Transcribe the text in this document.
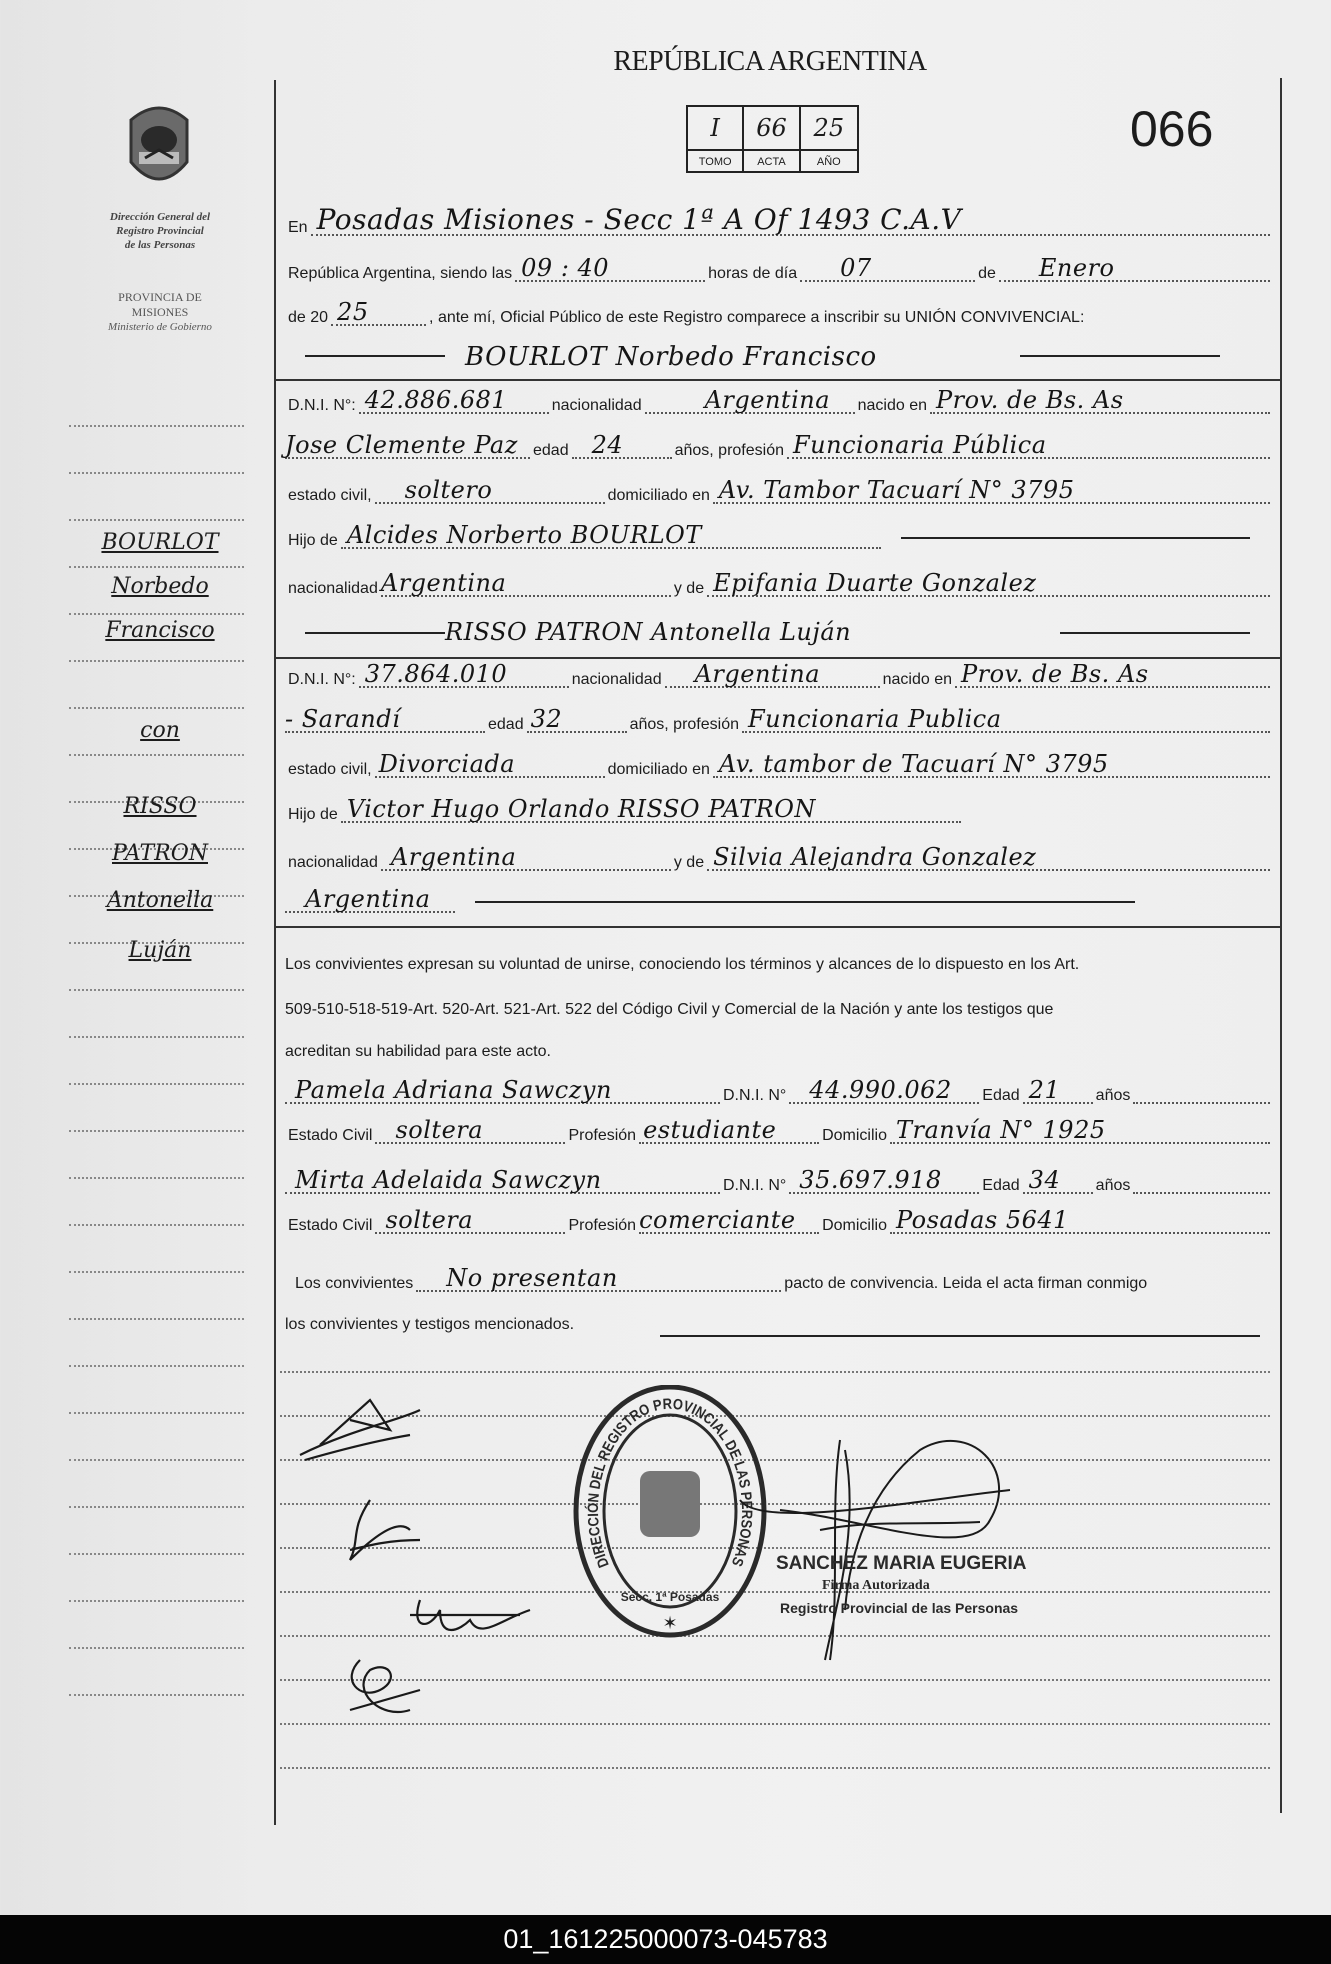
REPÚBLICA ARGENTINA
066
I	66	25
TOMO	ACTA	AÑO
Dirección General del
Registro Provincial
de las Personas
PROVINCIA DE
MISIONES
Ministerio de Gobierno
BOURLOT
Norbedo
Francisco
con
RISSO
PATRON
Antonella
Luján
En Posadas Misiones - Secc 1ª A Of 1493 C.A.V
República Argentina, siendo las 09 : 40	horas de día 07	de Enero
de 20 25	, ante mí, Oficial Público de este Registro comparece a inscribir su UNIÓN CONVIVENCIAL:
BOURLOT Norbedo Francisco
D.N.I. N°: 42.886.681	nacionalidad	Argentina nacido en Prov. de Bs. As
Jose Clemente Paz edad 24	años, profesión Funcionaria Pública
estado civil, soltero	domiciliado en Av. Tambor Tacuarí N° 3795
Hijo de Alcides Norberto BOURLOT
nacionalidad Argentina	y de Epifania Duarte Gonzalez
RISSO PATRON Antonella Luján
D.N.I. N°: 37.864.010	nacionalidad Argentina	nacido en Prov. de Bs. As
- Sarandí	edad 32	años, profesión Funcionaria Publica
estado civil, Divorciada	domiciliado en Av. tambor de Tacuarí N° 3795
Hijo de Victor Hugo Orlando RISSO PATRON
nacionalidad Argentina	y de Silvia Alejandra Gonzalez
Argentina
Los convivientes expresan su voluntad de unirse, conociendo los términos y alcances de lo dispuesto en los Art.
509-510-518-519-Art. 520-Art. 521-Art. 522 del Código Civil y Comercial de la Nación y ante los testigos que
acreditan su habilidad para este acto.
Pamela Adriana Sawczyn	D.N.I. N° 44.990.062 Edad 21 años
Estado Civil soltera	Profesión estudiante	Domicilio Tranvía N° 1925
Mirta Adelaida Sawczyn	D.N.I. N° 35.697.918	Edad 34 años
Estado Civil soltera	Profesión comerciante Domicilio Posadas 5641
Los convivientes No presentan	pacto de convivencia. Leida el acta firman conmigo
los convivientes y testigos mencionados.
DIRECCIÓN DEL REGISTRO PROVINCIAL DE LAS PERSONAS
Secc. 1ª Posadas
✶
SANCHEZ MARIA EUGERIA
Firma Autorizada
Registro Provincial de las Personas
01_161225000073-045783
